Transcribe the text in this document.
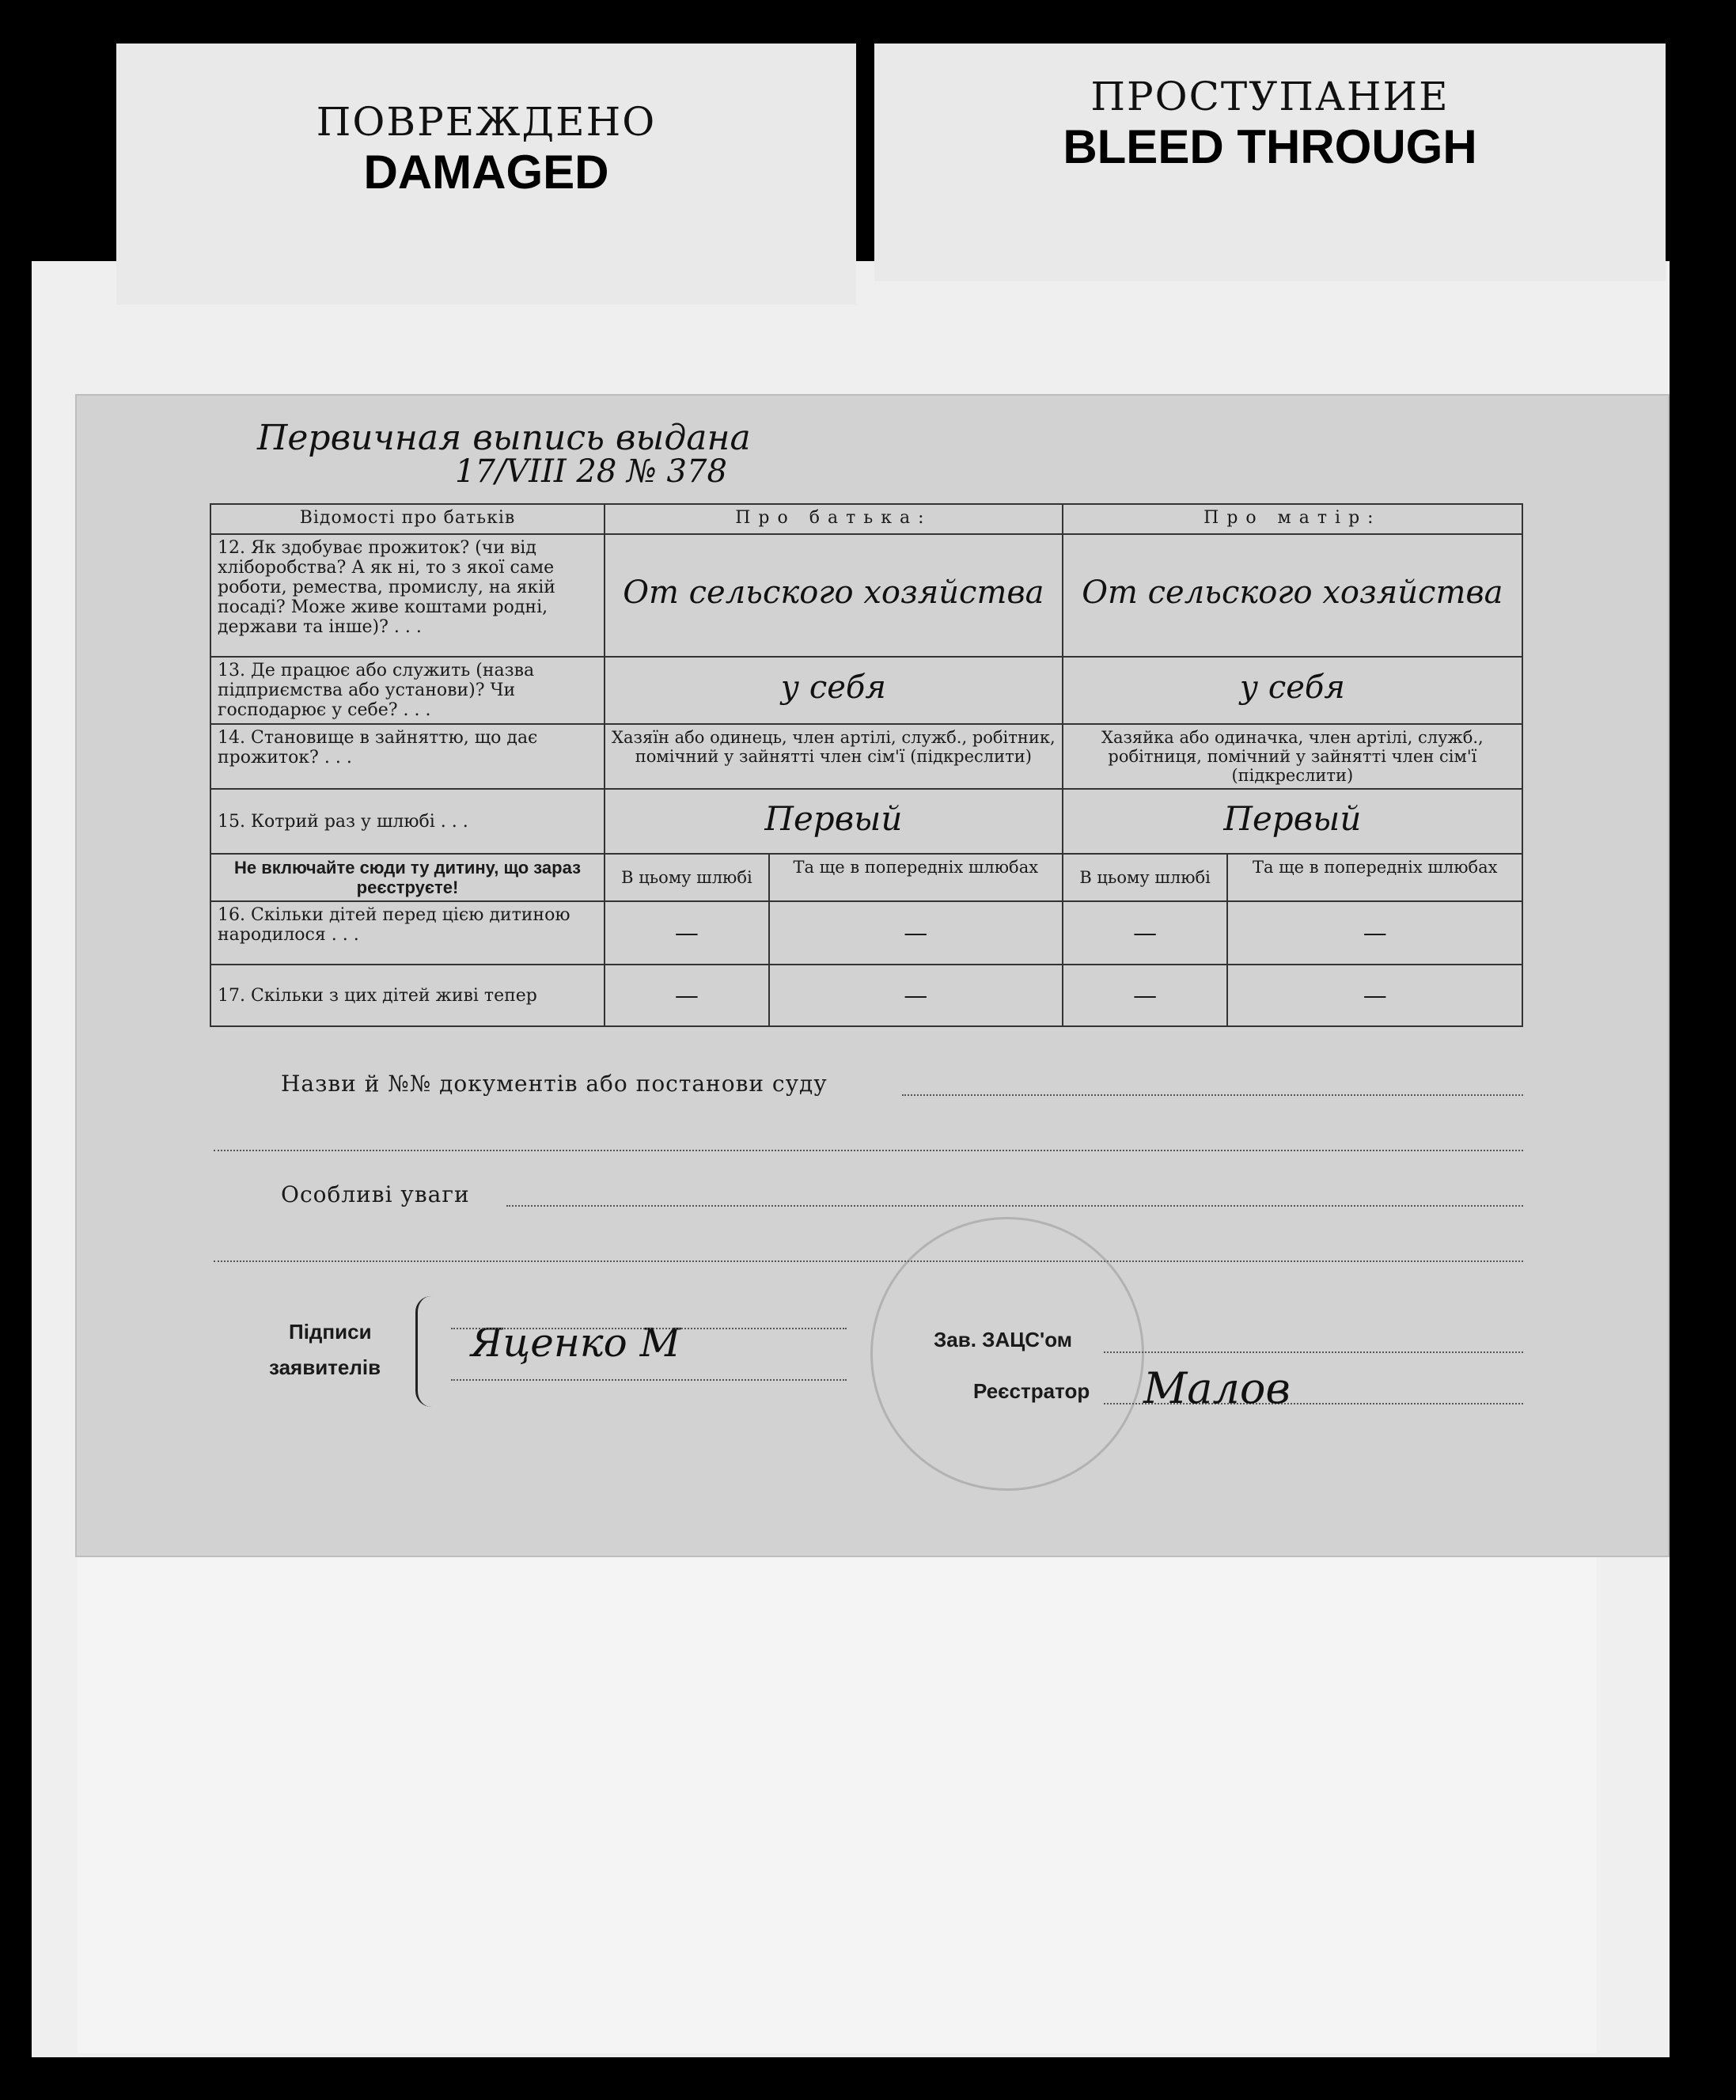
ПОВРЕЖДЕНО
DAMAGED
ПРОСТУПАНИЕ
BLEED THROUGH
Первичная выпись выдана
17/VIII 28 № 378
Відомості про батьків	Про батька:		Про матір:	
12. Як здобуває прожиток? (чи від хліборобства? А як ні, то з якої саме роботи, ремества, промислу, на якій посаді? Може живе коштами родні, держави та інше)? . . .	От сельского хозяйства		От сельского хозяйства	
13. Де працює або служить (назва підприємства або установи)? Чи господарює у себе? . . .	у себя		у себя	
14. Становище в зайняттю, що дає прожиток? . . .	Хазяїн або одинець, член артілі, служб., робітник, помічний у зайнятті член сім'ї (підкреслити)		Хазяйка або одиначка, член артілі, служб., робітниця, помічний у зайнятті член сім'ї (підкреслити)	
15. Котрий раз у шлюбі . . .	Первый		Первый	
Не включайте сюди ту дитину, що зараз реєструєте!	В цьому шлюбі	Та ще в попередніх шлюбах	В цьому шлюбі	Та ще в попередніх шлюбах
16. Скільки дітей перед цією дитиною народилося . . .	—	—	—	—
17. Скільки з цих дітей живі тепер	—	—	—	—
Назви й №№ документів або постанови суду
Особливі уваги
Підписи
заявителів
Яценко М	Зав. ЗАЦС'ом
Реєстратор Малов
